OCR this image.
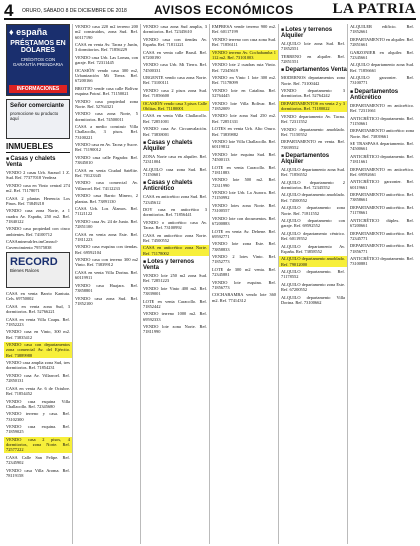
4 ORURO, SÁBADO 8 DE DICIEMBRE DE 2018 AVISOS ECONÓMICOS	LA PATRIA
♦ españa
PRÉSTAMOS EN DÓLARES
CRÉDITOS CON GARANTÍA PRENDARIA
INFORMACIONES
Señor comerciante
promocione su producto aquí
INMUEBLES
■ Casas y chalets Venta
VENDO 2 casas Urb. Sarasol 1 Z. Sud. Ref. 77377018 Verdeza
VENDO casa en Vinto central 274 m2. Ref. 71178071
CASA 2 plantas Herencia Los Pinos. Ref. 73849218
VENDO casa zona Norte, a 1 cuadra Av. España, 250 m2. Ref. 71840122
VENDO casa propiedad con cinco ambientes. Ref. 74100712
CASAmineralrles.tmCmnscl-Cuvencimiento 79575838
RECORD
Bienes Raíces
CASA en venta Barrio Kantuta. Cels. 69750002
CASA en venta zona Sud, 3 dormitorios. Ref. 52766221
CASA en venta Villa Coapu. Ref. 71852223
VENDO casa en Vinto, 300 m2. Ref. 73835412
VENDO casa con departamentos zona comercial Av. del Ejército. Ref. 73889988
VENDO casa amplia zona Sud, tres dormitorios. Ref. 71854231
VENDO casa Av. Villarroel. Ref. 72850131
CASA en venta Av. 6 de Octubre. Ref. 71854452
VENDO casa esquina Villa Challacollo. Ref. 72345680
VENDO terreno y casa. Ref. 73102300
VENDO casa esquina. Ref. 71859025
VENDO casa 2 pisos, 4 dormitorios, zona Norte. Ref. 72577222
CASA Calle San Felipe. Ref. 72345902
VENDO casa Villa Aroma. Ref. 78119158
VENDO casa 220 m2 terreno 200 m2 construidos, zona Sud. Ref. 60117190
CASA en venta Av. Tacna y Junín, 3 dormitorios. Ref. 71856229
VENDO casa Urb. Las Lomas, con garaje. Ref. 72311445
OCASIÓN vendo casa 300 m2, Urbanización Mi Tierra. Ref. 67200166
BROTTO vende casa calle Bolívar esquina Potosí. Ref. 71150021
VENDO casa propiedad zona Norte. Ref. 52764321
VENDO casa zona Norte, 5 dormitorios. Ref. 74500011
CASA a medio construir Villa Challacollo, 3 pisos. Ref. 73100221
VENDO casa en Av. Tacna y Sucre. Ref. 71190012
VENDO casa calle Pagador. Ref. 73845010
CASA en venta Ciudad Satélite. Ref. 70123345
VENDO casa comercial Av. Villarroel. Ref. 74112233
VENDO casa Barrio Minero, 2 plantas. Ref. 73891130
CASA Urb. Los Álamos. Ref. 71121122
VENDO casa Av. 24 de Junio. Ref. 72851100
CASA en venta zona Este. Ref. 71811223
VENDO casa esquina con tiendas. Ref. 69592104
VENDO casa con terreno 300 m2 Vinto. Ref. 73839912
CASA en venta Villa Dorina. Ref. 60119911
VENDO casa Huajara. Ref. 73858801
VENDO casa zona Sud. Ref. 71852100
VENDO casa zona Sud amplia, 3 dormitorios. Ref. 72345610
VENDO casa con tiendas Av. España. Ref. 71811221
CASA en venta calle Brasil. Ref. 67200190
VENDO casa Urb. Mi Tierra. Ref. 74500331
URGENTE vendo casa zona Norte. Ref. 73100111
VENDO casa 2 pisos zona Sud. Ref. 71856600
OCASIÓN vendo casa 3 pisos Calle Oblitas. Ref. 71180001
CASA en venta Villa Challacollo. Ref. 72851001
VENDO casa Av. Circunvalación. Ref. 73838001
■ Casas y chalets Alquiler
ZONA Norte casa en alquiler. Ref. 72311004
ALQUILO casa zona Sud. Ref. 71150601
■ Casas y chalets Anticrético
CASA en anticrético zona Sud. Ref. 72345612
DOY casa en anticrético 3 dormitorios. Ref. 71856441
VENDO o anticrético casa Av. Tacna. Ref. 73100992
CASA en anticrético zona Norte. Ref. 74500552
CASA en anticrético zona Norte. Ref. 71178002
■ Lotes y terrenos Venta
VENDO lote 250 m2 zona Sud. Ref. 72851223
VENDO lote Vinto 400 m2. Ref. 73839001
LOTE en venta Caracollo. Ref. 71852442
VENDO terreno 1000 m2. Ref. 69592333
VENDO lote zona Norte. Ref. 71811990
EMPRESA vende terreno 900 m2. Ref. 60117199
VENDO terreno con casa zona Sud. Ref. 71856111
VENDO terreno Av. Cochabamba 1 112 m2. Ref. 73101003
VENDO lote 2 cuadras ruta Vinto. Ref. 72345619
VENDO en Vinto 1 lote 300 m2. Ref. 71178099
VENDO lote en Catalina. Ref. 52764445
VENDO lote Villa Bolívar. Ref. 71852009
VENDO lote zona Sud 250 m2. Ref. 72851331
LOTES en venta Urb. Alto Oruro. Ref. 73839882
VENDO lote Villa Challacollo. Ref. 60119812
VENDO lote esquina Sud. Ref. 74500113
LOTE en venta Caracollo. Ref. 71811883
VENDO lote 500 m2. Ref. 72311990
VENDO lote Urb. La Aurora. Ref. 71150992
VENDO lotes zona Norte. Ref. 73100557
VENDO lote con documentos. Ref. 67200883
LOTE en venta Av. Dehene. Ref. 69592771
VENDO lote zona Este. Ref. 73858833
VENDO 2 lotes Vinto. Ref. 71852773
LOTE de 300 m2 venta. Ref. 72345881
VENDO lote esquina. Ref. 71856773
COCHABAMBA vendo lote 360 m2. Ref. 77414312
■ Lotes y terrenos Alquiler
ALQUILO lote zona Sud. Ref. 71852551
TERRENO en alquiler. Ref. 72851551
■ Departamentos Venta
MODERNOS departamentos zona Norte. Ref. 73100442
VENDO departamento 3 dormitorios. Ref. 52764242
DEPARTAMENTOS en venta 2 y 3 dormitorios. Ref. 71180022
VENDO departamento Av. Tacna. Ref. 72311552
VENDO departamento amoblado. Ref. 71150552
DEPARTAMENTO en venta. Ref. 73839552
■ Departamentos Alquiler
ALQUILO departamento zona Sud. Ref. 71856552
ALQUILO departamento 2 dormitorios. Ref. 72345552
ALQUILO departamento amoblado. Ref. 74500552
ALQUILO departamento zona Norte. Ref. 71811552
ALQUILO departamento con garaje. Ref. 69592552
ALQUILO departamento céntrico. Ref. 60119552
ALQUILO departamento Av. España. Ref. 73858552
ALQUILO departamento amoblado. Ref. 79012000
ALQUILO departamento. Ref. 71178552
ALQUILO departamento zona Este. Ref. 67200552
ALQUILO departamento Villa Dorina. Ref. 73100662
ALQUILER edificio. Ref. 71852661
DEPARTAMENTO en alquiler. Ref. 72851661
GARZONIER en alquiler. Ref. 72345661
ALQUILO departamento zona Sud. Ref. 71856661
ALQUILO garzonier. Ref. 73100771
■ Departamentos Anticrético
DEPARTAMENTO en anticrético. Ref. 72311661
ANTICRÉTICO departamento. Ref. 71150661
DEPARTAMENTO anticrético zona Norte. Ref. 73839661
SE TRASPASA departamento. Ref. 74500661
ANTICRÉTICO departamento. Ref. 71811661
DEPARTAMENTO en anticrético. Ref. 69592661
ANTICRÉTICO garzonier. Ref. 60119661
DEPARTAMENTO anticrético. Ref. 73858661
DEPARTAMENTO anticrético. Ref. 71178661
ANTICRÉTICO dúplex. Ref. 67200661
DEPARTAMENTO anticrético. Ref. 72345771
DEPARTAMENTO anticrético. Ref. 71856771
ANTICRÉTICO departamento. Ref. 73100881
